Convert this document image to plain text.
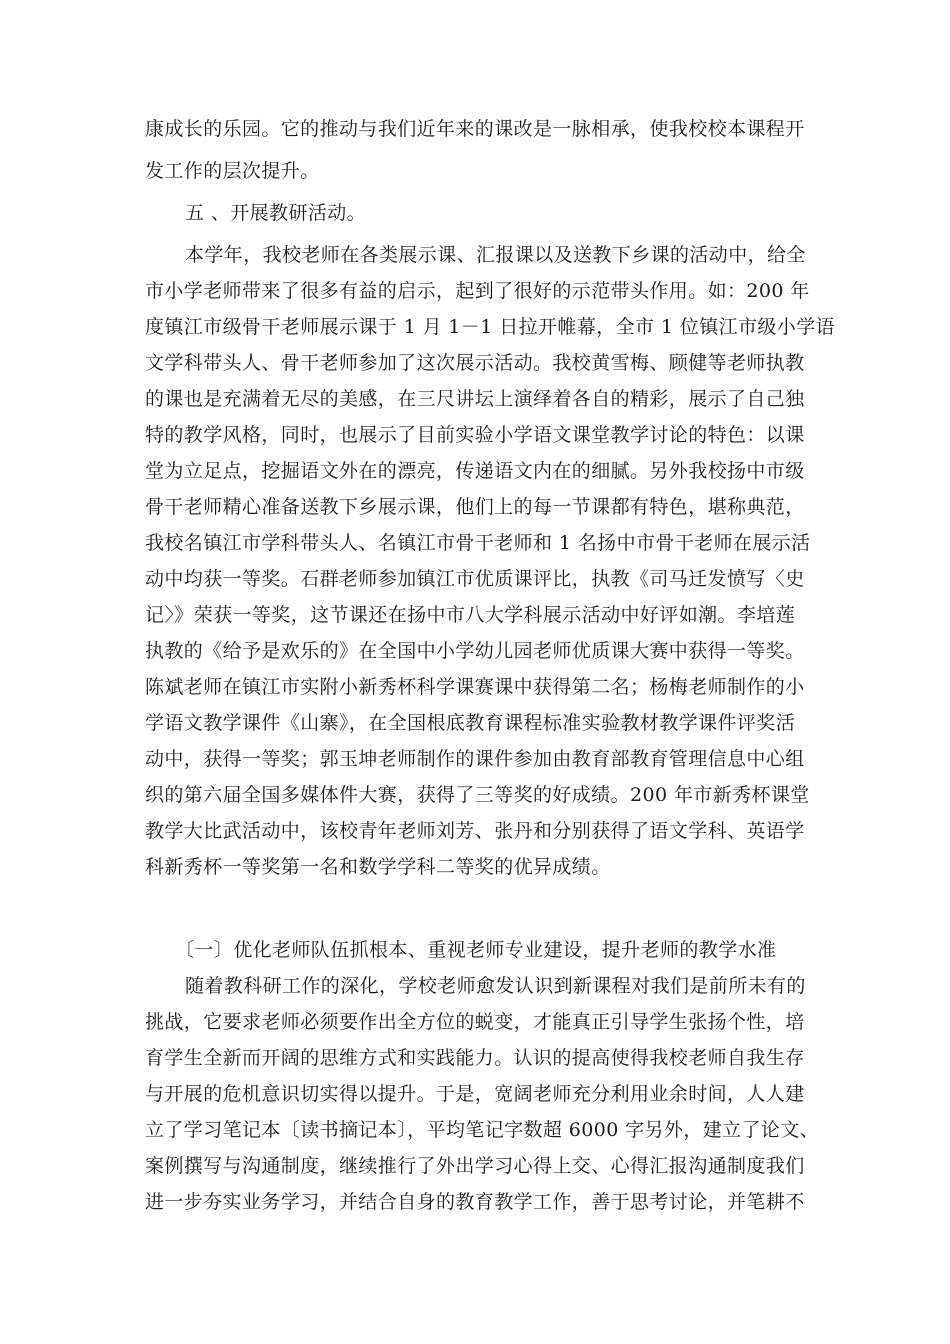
康成长的乐园。它的推动与我们近年来的课改是一脉相承，使我校校本课程开
发工作的层次提升。
五 、开展教研活动。
本学年，我校老师在各类展示课、汇报课以及送教下乡课的活动中，给全
市小学老师带来了很多有益的启示，起到了很好的示范带头作用。如：200 年
度镇江市级骨干老师展示课于 1 月 1－1 日拉开帷幕，全市 1 位镇江市级小学语
文学科带头人、骨干老师参加了这次展示活动。我校黄雪梅、顾健等老师执教
的课也是充满着无尽的美感，在三尺讲坛上演绎着各自的精彩，展示了自己独
特的教学风格，同时，也展示了目前实验小学语文课堂教学讨论的特色：以课
堂为立足点，挖掘语文外在的漂亮，传递语文内在的细腻。另外我校扬中市级
骨干老师精心准备送教下乡展示课，他们上的每一节课都有特色，堪称典范，
我校名镇江市学科带头人、名镇江市骨干老师和 1 名扬中市骨干老师在展示活
动中均获一等奖。石群老师参加镇江市优质课评比，执教《司马迁发愤写〈史
记〉》荣获一等奖，这节课还在扬中市八大学科展示活动中好评如潮。李培莲
执教的《给予是欢乐的》在全国中小学幼儿园老师优质课大赛中获得一等奖。
陈斌老师在镇江市实附小新秀杯科学课赛课中获得第二名；杨梅老师制作的小
学语文教学课件《山寨》，在全国根底教育课程标准实验教材教学课件评奖活
动中，获得一等奖；郭玉坤老师制作的课件参加由教育部教育管理信息中心组
织的第六届全国多媒体件大赛，获得了三等奖的好成绩。200 年市新秀杯课堂
教学大比武活动中，该校青年老师刘芳、张丹和分别获得了语文学科、英语学
科新秀杯一等奖第一名和数学学科二等奖的优异成绩。
〔一〕优化老师队伍抓根本、重视老师专业建设，提升老师的教学水准
随着教科研工作的深化，学校老师愈发认识到新课程对我们是前所未有的
挑战，它要求老师必须要作出全方位的蜕变，才能真正引导学生张扬个性，培
育学生全新而开阔的思维方式和实践能力。认识的提高使得我校老师自我生存
与开展的危机意识切实得以提升。于是，宽阔老师充分利用业余时间，人人建
立了学习笔记本〔读书摘记本〕，平均笔记字数超 6000 字另外，建立了论文、
案例撰写与沟通制度，继续推行了外出学习心得上交、心得汇报沟通制度我们
进一步夯实业务学习，并结合自身的教育教学工作，善于思考讨论，并笔耕不
